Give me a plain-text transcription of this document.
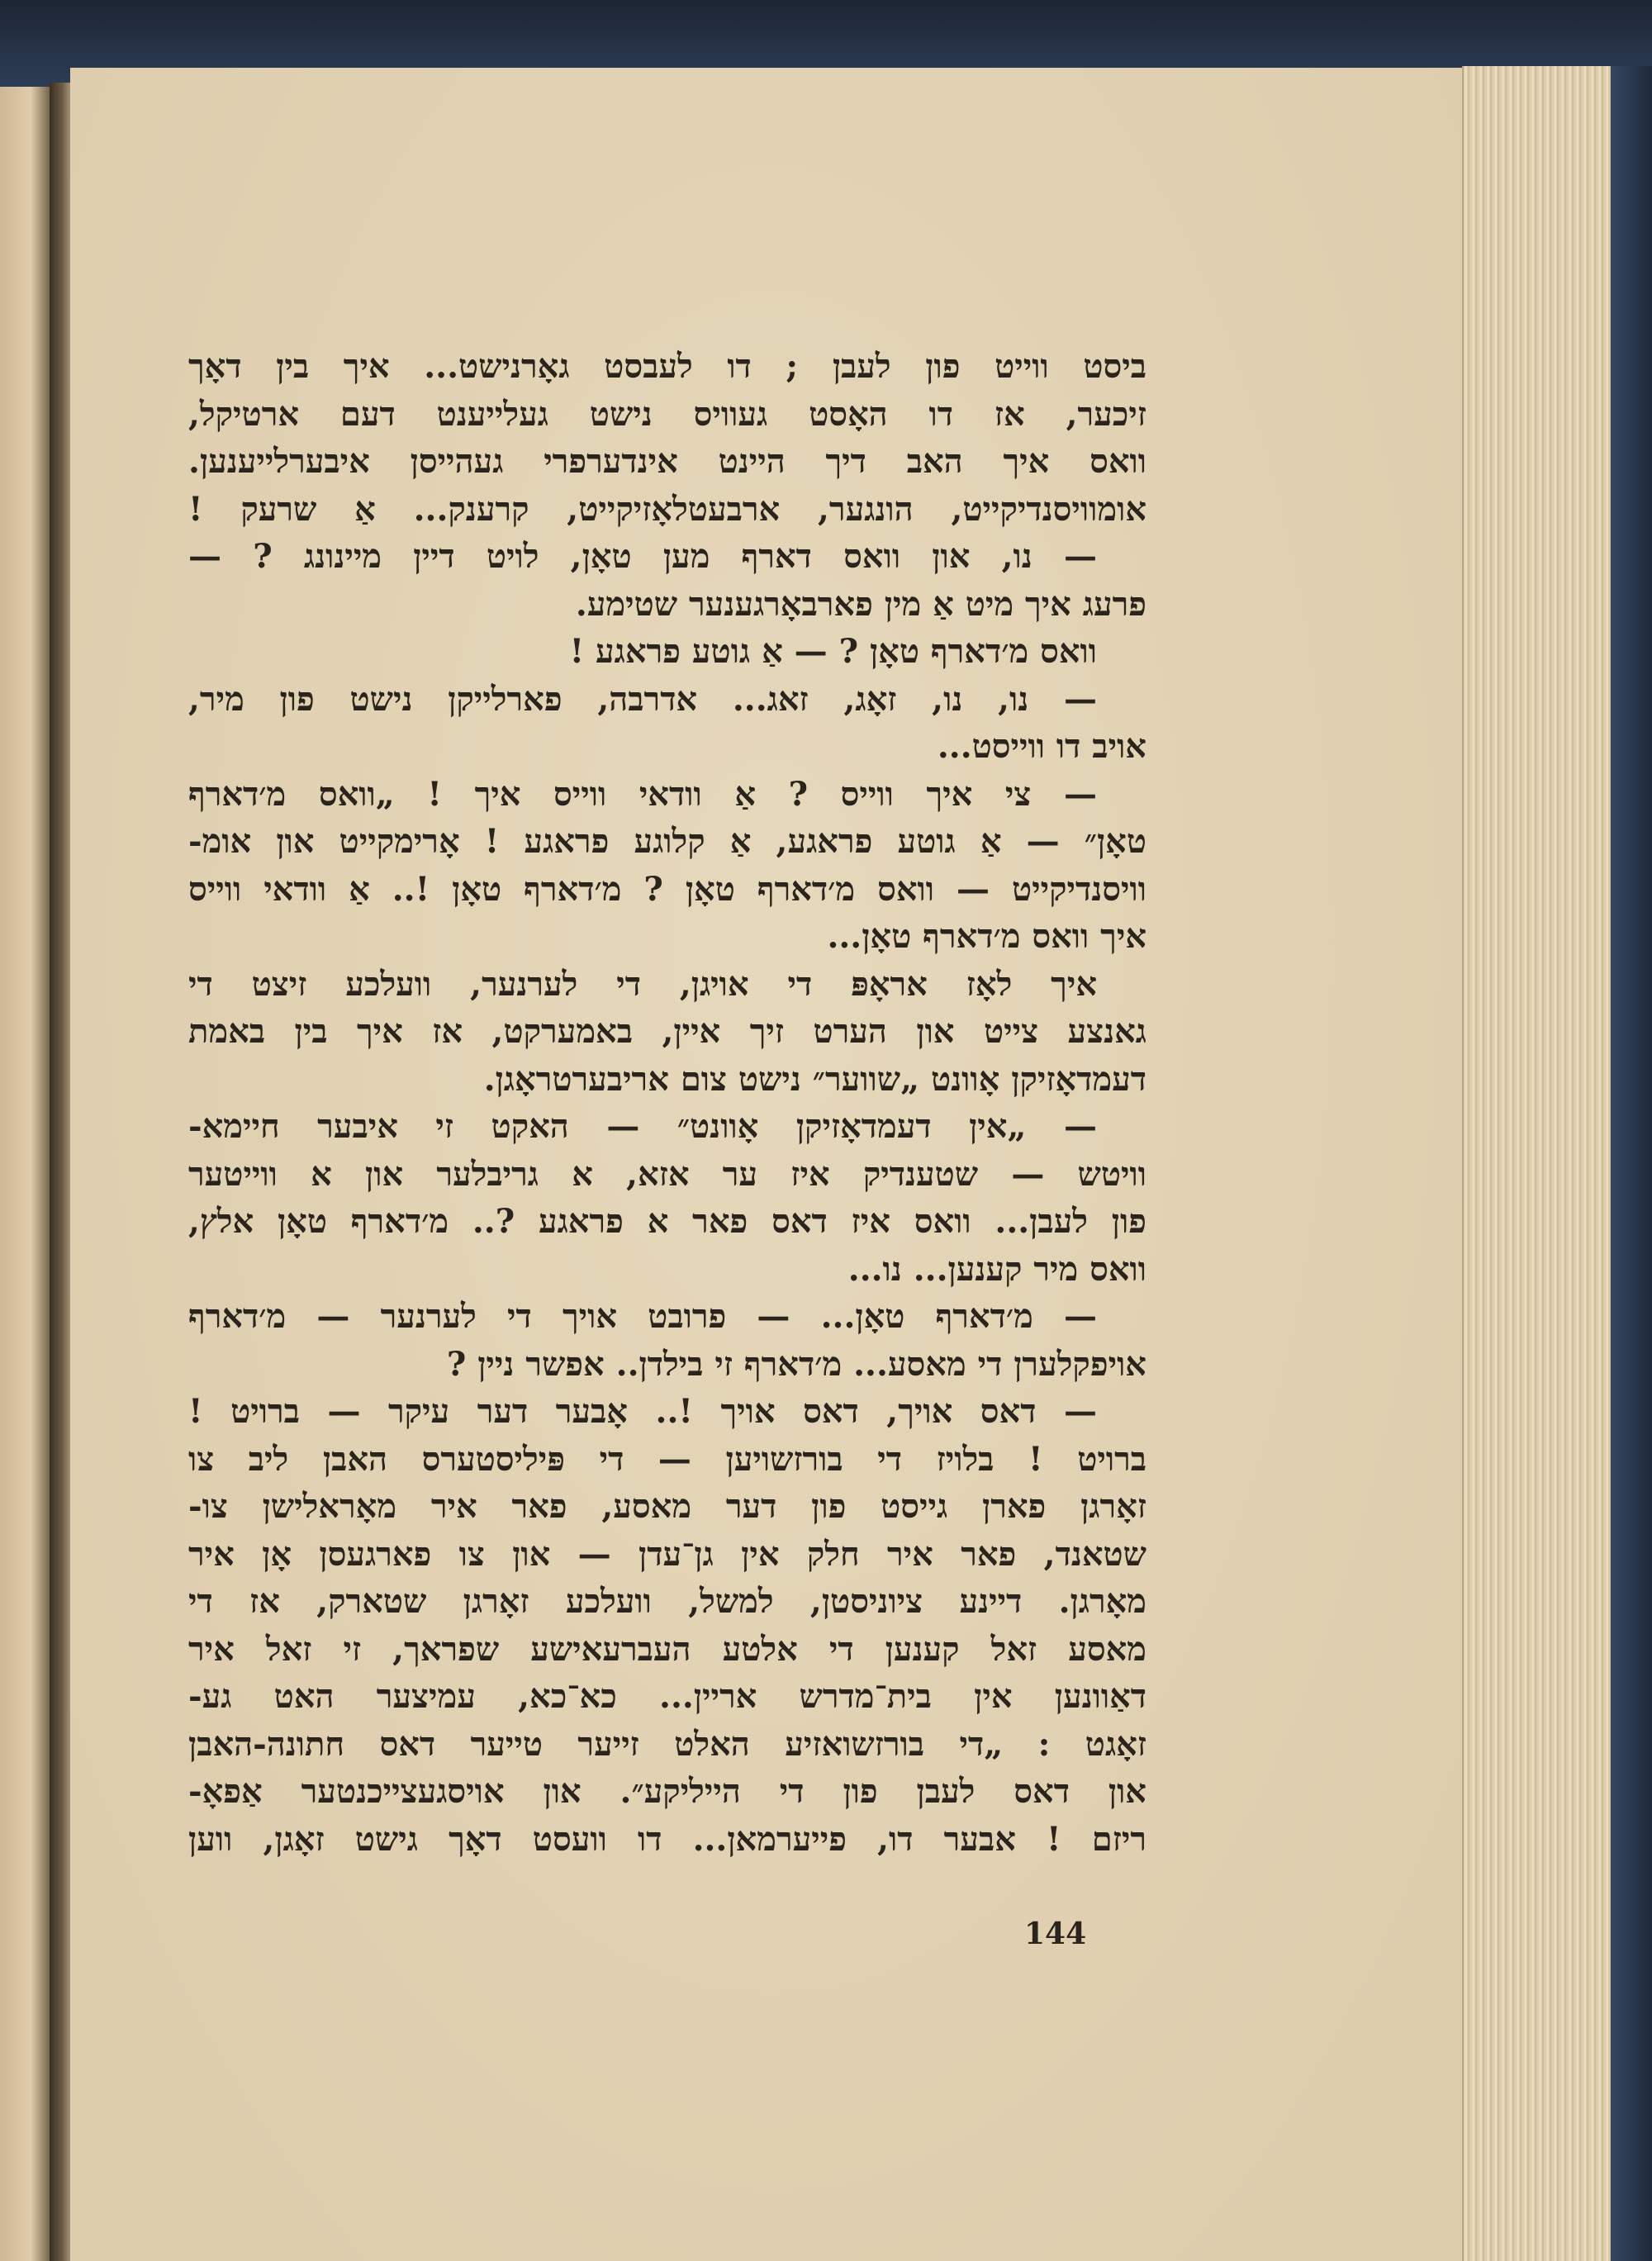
ביסט ווייט פון לעבן ; דו לעבסט גאָרנישט... איך בין דאָך
זיכער, אז דו האָסט געוויס נישט געלייענט דעם ארטיקל,
וואס איך האב דיך היינט אינדערפרי געהייסן איבערלייענען.
אומוויסנדיקייט, הונגער, ארבעטלאָזיקייט, קרענק... אַ שרעק !
— נו, און וואס דארף מען טאָן, לויט דיין מיינונג ? —
פרעג איך מיט אַ מין פארבאָרגענער שטימע.
וואס מ׳דארף טאָן ? — אַ גוטע פראגע !
— נו, נו, זאָג, זאג... אדרבה, פארלייקן נישט פון מיר,
אויב דו ווייסט...
— צי איך ווייס ? אַ וודאי ווייס איך ! „וואס מ׳דארף
טאָן״ — אַ גוטע פראגע, אַ קלוגע פראגע ! אָרימקייט און אומ-
וויסנדיקייט — וואס מ׳דארף טאָן ? מ׳דארף טאָן !.. אַ וודאי ווייס
איך וואס מ׳דארף טאָן...
איך לאָז אראָפּ די אויגן, די לערנער, וועלכע זיצט די
גאנצע צייט און הערט זיך איין, באמערקט, אז איך בין באמת
דעמדאָזיקן אָוונט „שווער״ נישט צום אריבערטראָגן.
— „אין דעמדאָזיקן אָוונט״ — האקט זי איבער חיימא-
וויטש — שטענדיק איז ער אזא, א גריבלער און א ווייטער
פון לעבן... וואס איז דאס פאר א פראגע ?.. מ׳דארף טאָן אלץ,
וואס מיר קענען... נו...
— מ׳דארף טאָן... — פרובט אויך די לערנער — מ׳דארף
אויפקלערן די מאסע... מ׳דארף זי בילדן.. אפשר ניין ?
— דאס אויך, דאס אויך !.. אָבער דער עיקר — ברויט !
ברויט ! בלויז די בורזשויען — די פּיליסטערס האבן ליב צו
זאָרגן פארן גייסט פון דער מאסע, פאר איר מאָראלישן צו-
שטאנד, פאר איר חלק אין גן־עדן — און צו פארגעסן אָן איר
מאָרגן. דיינע ציוניסטן, למשל, וועלכע זאָרגן שטארק, אז די
מאסע זאל קענען די אלטע העברעאישע שפראך, זי זאל איר
דאַוונען אין בית־מדרש אריין... כא־כא, עמיצער האט גע-
זאָגט : „די בורזשואזיע האלט זייער טייער דאס חתונה-האבן
און דאס לעבן פון די הייליקע״. און אויסגעצייכנטער אַפאָ-
ריזם ! אבער דו, פייערמאן... דו וועסט דאָך גישט זאָגן, ווען
144
